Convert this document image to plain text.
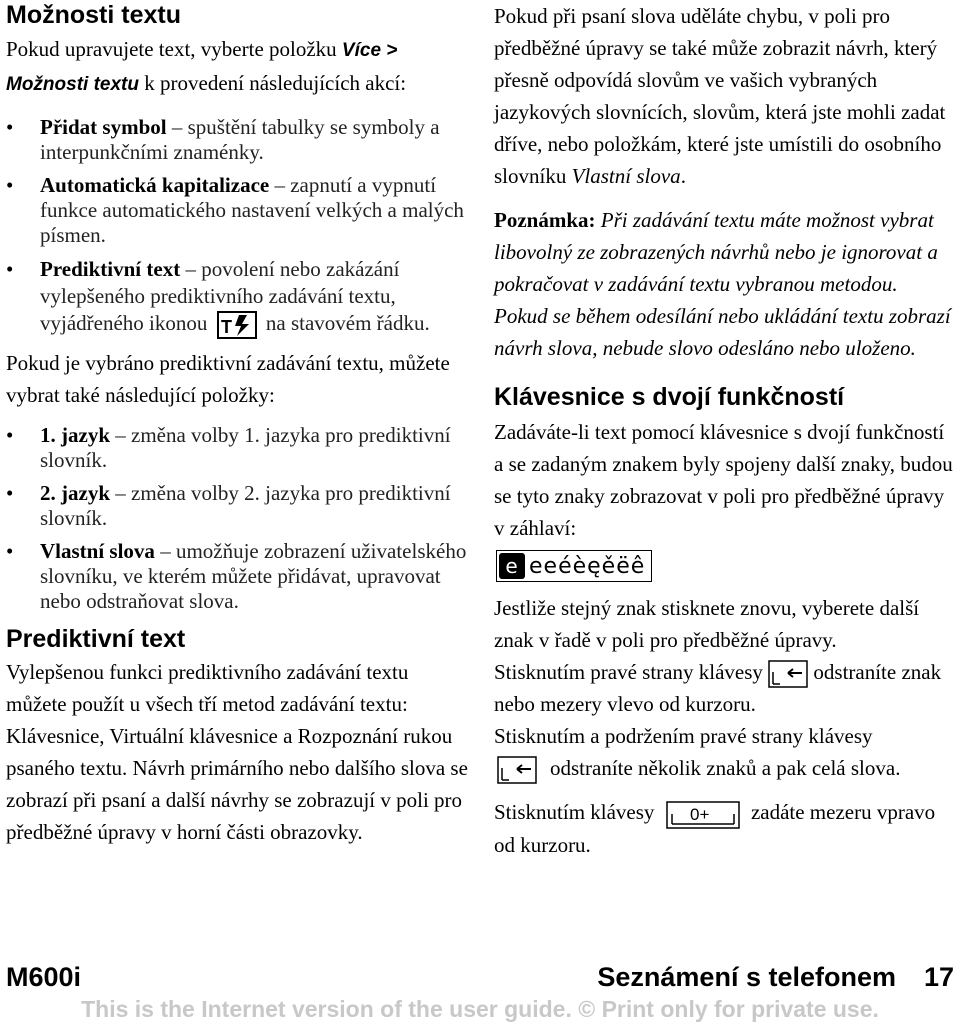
Možnosti textu

Pokud upravujete text, vyberte položku Více > Možnosti textu k provedení následujících akcí:

• Přidat symbol – spuštění tabulky se symboly a interpunkčními znaménky.
• Automatická kapitalizace – zapnutí a vypnutí funkce automatického nastavení velkých a malých písmen.
• Prediktivní text – povolení nebo zakázání vylepšeného prediktivního zadávání textu, vyjádřeného ikonou T na stavovém řádku.

Pokud je vybráno prediktivní zadávání textu, můžete vybrat také následující položky:

• 1. jazyk – změna volby 1. jazyka pro prediktivní slovník.
• 2. jazyk – změna volby 2. jazyka pro prediktivní slovník.
• Vlastní slova – umožňuje zobrazení uživatelského slovníku, ve kterém můžete přidávat, upravovat nebo odstraňovat slova.
Prediktivní text

Vylepšenou funkci prediktivního zadávání textu můžete použít u všech tří metod zadávání textu: Klávesnice, Virtuální klávesnice a Rozpoznání rukou psaného textu. Návrh primárního nebo dalšího slova se zobrazí při psaní a další návrhy se zobrazují v poli pro předběžné úpravy v horní části obrazovky.

Pokud při psaní slova uděláte chybu, v poli pro předběžné úpravy se také může zobrazit návrh, který přesně odpovídá slovům ve vašich vybraných jazykových slovnících, slovům, která jste mohli zadat dříve, nebo položkám, které jste umístili do osobního slovníku Vlastní slova.

Poznámka: Při zadávání textu máte možnost vybrat libovolný ze zobrazených návrhů nebo je ignorovat a pokračovat v zadávání textu vybranou metodou. Pokud se během odesílání nebo ukládání textu zobrazí návrh slova, nebude slovo odesláno nebo uloženo.

Klávesnice s dvojí funkčností

Zadáváte-li text pomocí klávesnice s dvojí funkčností a se zadaným znakem byly spojeny další znaky, budou se tyto znaky zobrazovat v poli pro předběžné úpravy v záhlaví:

e eeéèęěëê

Jestliže stejný znak stisknete znovu, vyberete další znak v řadě v poli pro předběžné úpravy.

Stisknutím pravé strany klávesy odstraníte znak nebo mezery vlevo od kurzoru.

Stisknutím a podržením pravé strany klávesy
odstraníte několik znaků a pak celá slova.

Stisknutím klávesy 0+ zadáte mezeru vpravo od kurzoru.

M600i	Seznámení s telefonem 17
This is the Internet version of the user guide. © Print only for private use.
